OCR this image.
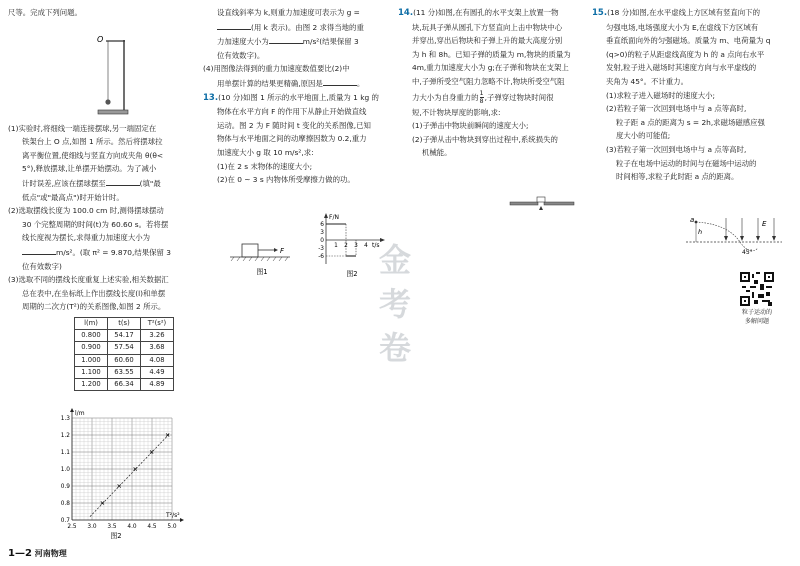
尺等。完成下列问题。

O

(1)实验时,将细线一端连接摆球,另一端固定在

铁架台上 O 点,如图 1 所示。然后将摆球拉

离平衡位置,使细线与竖直方向成夹角 θ(θ<

5°),释放摆球,让单摆开始摆动。为了减小

计时误差,应该在摆球摆至	(填"最

低点"或"最高点")时开始计时。

(2)选取摆线长度为 100.0 cm 时,测得摆球摆动

30 个完整周期的时间(t)为 60.60 s。若将摆

线长度视为摆长,求得重力加速度大小为

m/s²。(取 π² = 9.870,结果保留 3

位有效数字)

(3)选取不同的摆线长度重复上述实验,相关数据汇

总在表中,在坐标纸上作出摆线长度(l)和单摆

周期的二次方(T²)的关系图像,如图 2 所示。

l(m)	t(s)	T²(s²)
0.800	54.17	3.26
0.900	57.54	3.68
1.000	60.60	4.08
1.100	63.55	4.49
1.200	66.34	4.89
2.5 3.0 3.5 4.0 4.5 5.0
0.7
0.8
0.9
1.0
1.1
1.2
1.3
T²/s²
l/m
图2

设直线斜率为 k,则重力加速度可表示为 g =

(用 k 表示)。由图 2 求得当地的重

力加速度大小为	m/s²(结果保留 3

位有效数字)。

(4)用图像法得到的重力加速度数值要比(2)中

用单摆计算的结果更精确,原因是	。

13.(10 分)如图 1 所示的水平地面上,质量为 1 kg 的

物体在水平方向 F 的作用下从静止开始做直线

运动。图 2 为 F 随时间 t 变化的关系图像,已知

物体与水平地面之间的动摩擦因数为 0.2,重力

加速度大小 g 取 10 m/s²,求:

(1)在 2 s 末物体的速度大小;

(2)在 0 ~ 3 s 内物体所受摩擦力做的功。

F
图1
F/N
t/s
6
3
0
-3
-6
1 2 3 4
图2

14.(11 分)如图,在有圆孔的水平支架上放置一物

块,玩具子弹从圆孔下方竖直向上击中物块中心

并穿出,穿出后物块和子弹上升的最大高度分别

为 h 和 8h。已知子弹的质量为 m,物块的质量为

4m,重力加速度大小为 g;在子弹和物块在支架上

中,子弹所受空气阻力忽略不计,物块所受空气阻

力大小为自身重力的 $\frac{1}{8}$ ,子弹穿过物块时间很

短,不计物块厚度的影响,求:

(1)子弹击中物块前瞬间的速度大小;

(2)子弹从击中物块到穿出过程中,系统损失的

机械能。

15.(18 分)如图,在水平虚线上方区域有竖直向下的

匀强电场,电场强度大小为 E,在虚线下方区域有

垂直纸面向外的匀强磁场。质量为 m、电荷量为 q

(q>0)的粒子从距虚线高度为 h 的 a 点向右水平

发射,粒子进入磁场时其速度方向与水平虚线的

夹角为 45°。不计重力。

(1)求粒子进入磁场时的速度大小;

(2)若粒子第一次回到电场中与 a 点等高时,

粒子距 a 点的距离为 s = 2h,求磁场磁感应强

度大小的可能值;

(3)若粒子第一次回到电场中与 a 点等高时,

粒子在电场中运动的时间与在磁场中运动的

时间相等,求粒子此时距 a 点的距离。

E
a
h
45°
粒子运动的
多解问题
金
考
卷
1—2 河南物理
